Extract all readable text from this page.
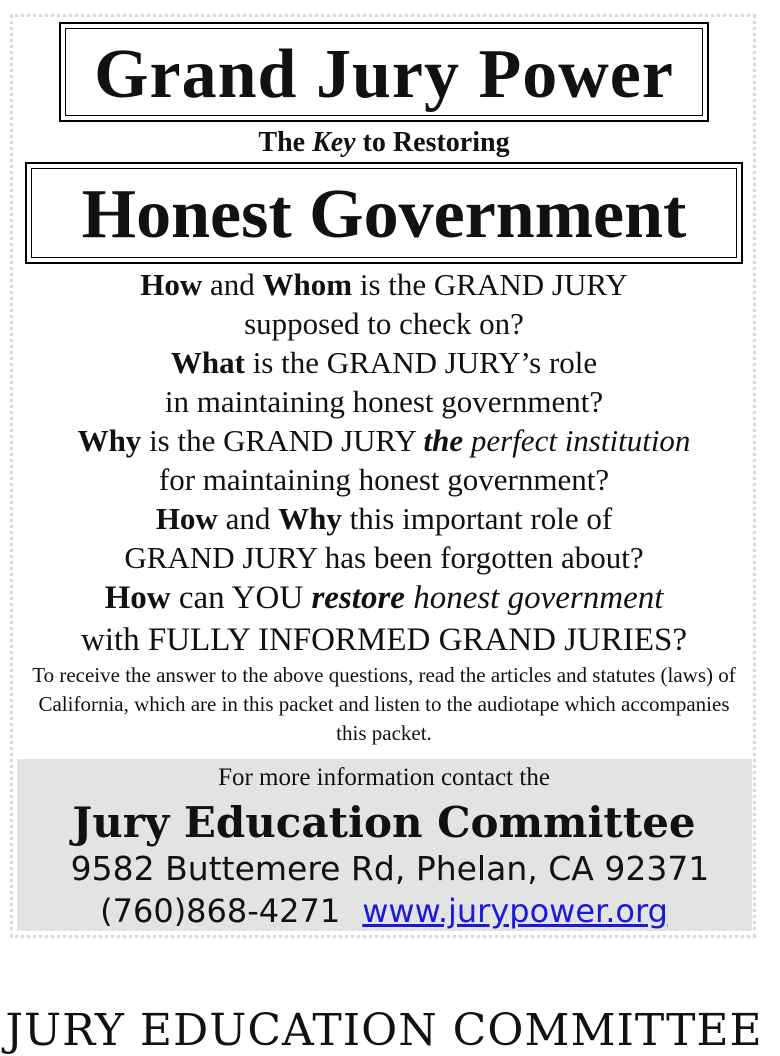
Grand Jury Power
The Key to Restoring
Honest Government
How and Whom is the GRAND JURY
supposed to check on?
What is the GRAND JURY’s role
in maintaining honest government?
Why is the GRAND JURY the perfect institution
for maintaining honest government?
How and Why this important role of
GRAND JURY has been forgotten about?
How can YOU restore honest government
with FULLY INFORMED GRAND JURIES?
To receive the answer to the above questions, read the articles and statutes (laws) of California, which are in this packet and listen to the audiotape which accompanies this packet.
For more information contact the
Jury Education Committee
9582 Buttemere Rd, Phelan, CA 92371
(760)868-4271 www.jurypower.org
JURY EDUCATION COMMITTEE
